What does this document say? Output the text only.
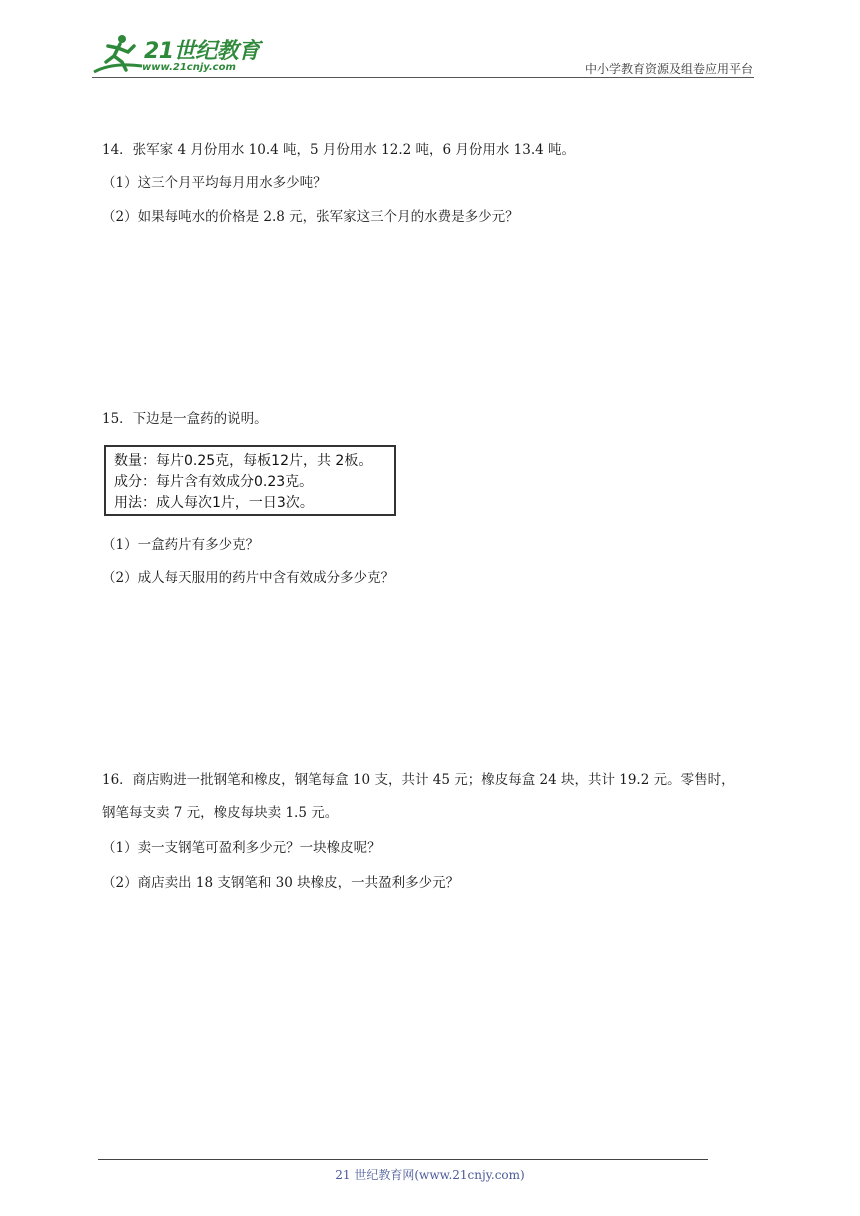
21世纪教育
www.21cnjy.com	中小学教育资源及组卷应用平台
14．张军家 4 月份用水 10.4 吨，5 月份用水 12.2 吨，6 月份用水 13.4 吨。
（1）这三个月平均每月用水多少吨？
（2）如果每吨水的价格是 2.8 元，张军家这三个月的水费是多少元？
15．下边是一盒药的说明。
数量：每片0.25克，每板12片，共 2板。
成分：每片含有效成分0.23克。
用法：成人每次1片，一日3次。
（1）一盒药片有多少克？
（2）成人每天服用的药片中含有效成分多少克？
16．商店购进一批钢笔和橡皮，钢笔每盒 10 支，共计 45 元；橡皮每盒 24 块，共计 19.2 元。零售时，
钢笔每支卖 7 元，橡皮每块卖 1.5 元。
（1）卖一支钢笔可盈利多少元？一块橡皮呢？
（2）商店卖出 18 支钢笔和 30 块橡皮，一共盈利多少元？
21 世纪教育网(www.21cnjy.com)
